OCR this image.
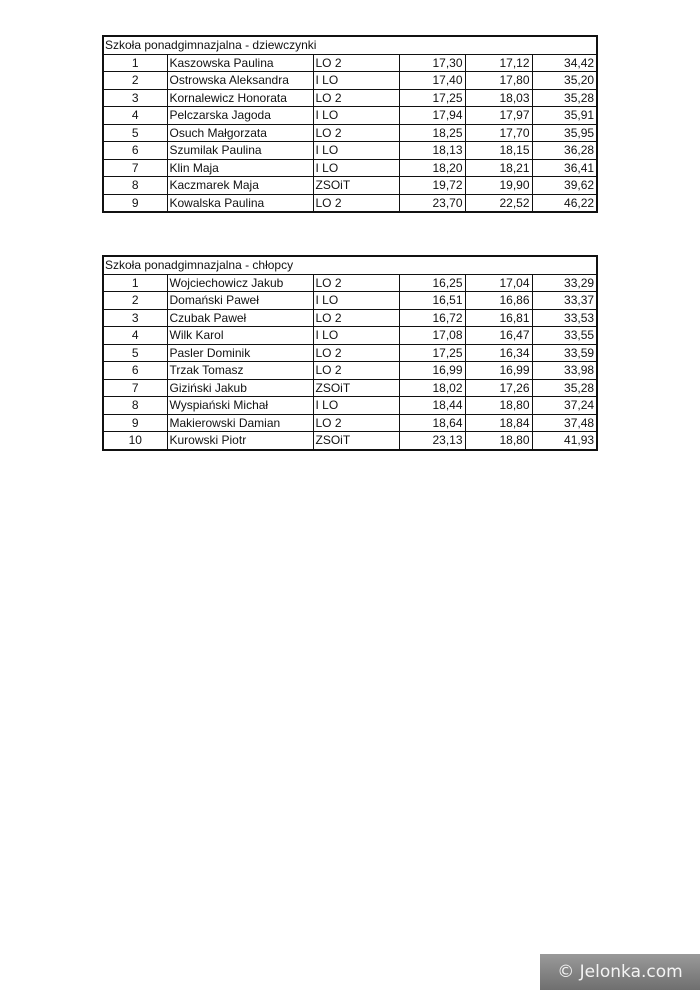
Szkoła ponadgimnazjalna - dziewczynki					
1	Kaszowska Paulina	LO 2	17,30	17,12	34,42
2	Ostrowska Aleksandra	I LO	17,40	17,80	35,20
3	Kornalewicz Honorata	LO 2	17,25	18,03	35,28
4	Pelczarska Jagoda	I LO	17,94	17,97	35,91
5	Osuch Małgorzata	LO 2	18,25	17,70	35,95
6	Szumilak Paulina	I LO	18,13	18,15	36,28
7	Klin Maja	I LO	18,20	18,21	36,41
8	Kaczmarek Maja	ZSOiT	19,72	19,90	39,62
9	Kowalska Paulina	LO 2	23,70	22,52	46,22
Szkoła ponadgimnazjalna - chłopcy					
1	Wojciechowicz Jakub	LO 2	16,25	17,04	33,29
2	Domański Paweł	I LO	16,51	16,86	33,37
3	Czubak Paweł	LO 2	16,72	16,81	33,53
4	Wilk Karol	I LO	17,08	16,47	33,55
5	Pasler Dominik	LO 2	17,25	16,34	33,59
6	Trzak Tomasz	LO 2	16,99	16,99	33,98
7	Giziński Jakub	ZSOiT	18,02	17,26	35,28
8	Wyspiański Michał	I LO	18,44	18,80	37,24
9	Makierowski Damian	LO 2	18,64	18,84	37,48
10	Kurowski Piotr	ZSOiT	23,13	18,80	41,93
© Jelonka.com
